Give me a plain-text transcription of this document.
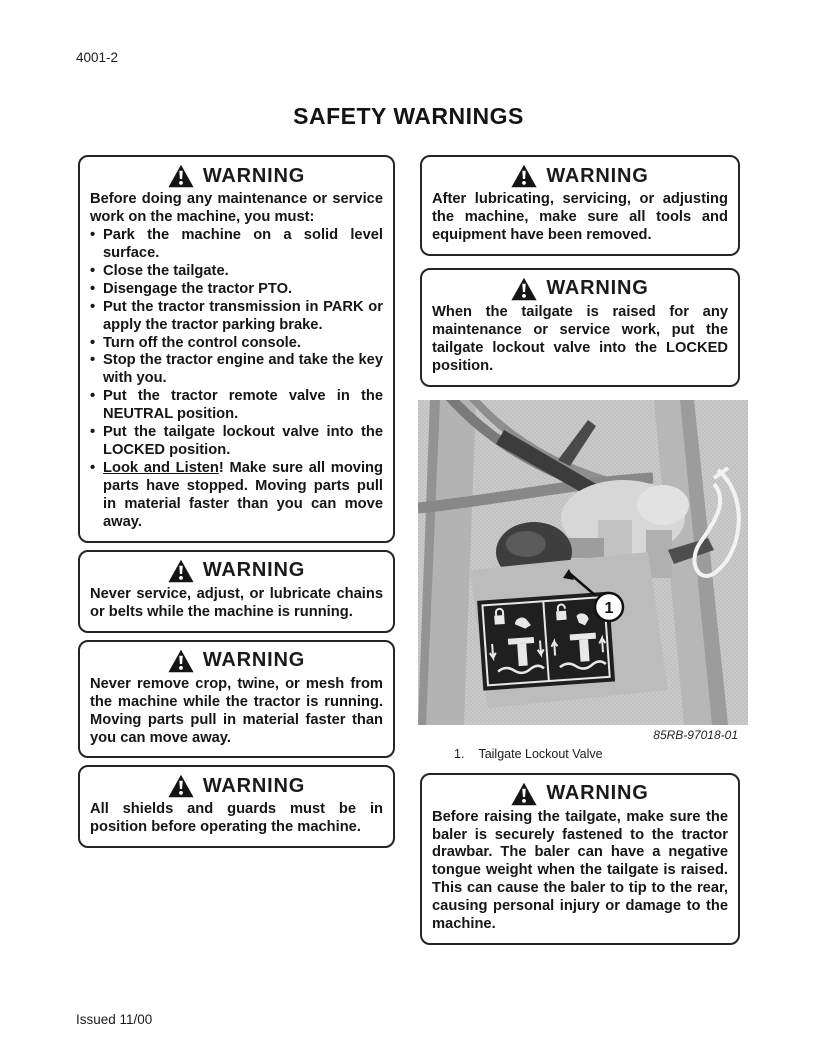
4001-2
SAFETY WARNINGS
WARNING

Before doing any maintenance or service work on the machine, you must:

• Park the machine on a solid level surface.
• Close the tailgate.
• Disengage the tractor PTO.
• Put the tractor transmission in PARK or apply the tractor parking brake.
• Turn off the control console.
• Stop the tractor engine and take the key with you.
• Put the tractor remote valve in the NEUTRAL position.
• Put the tailgate lockout valve into the LOCKED position.
• Look and Listen! Make sure all moving parts have stopped. Moving parts pull in material faster than you can move away.
WARNING

Never service, adjust, or lubricate chains or belts while the machine is running.

WARNING

Never remove crop, twine, or mesh from the machine while the tractor is running. Moving parts pull in material faster than you can move away.

WARNING

All shields and guards must be in position before operating the machine.

WARNING

After lubricating, servicing, or adjusting the machine, make sure all tools and equipment have been removed.

WARNING

When the tailgate is raised for any maintenance or service work, put the tailgate lockout valve into the LOCKED position.

1
85RB-97018-01
1. Tailgate Lockout Valve
WARNING

Before raising the tailgate, make sure the baler is securely fastened to the tractor drawbar. The baler can have a negative tongue weight when the tailgate is raised. This can cause the baler to tip to the rear, causing personal injury or damage to the machine.

Issued 11/00
